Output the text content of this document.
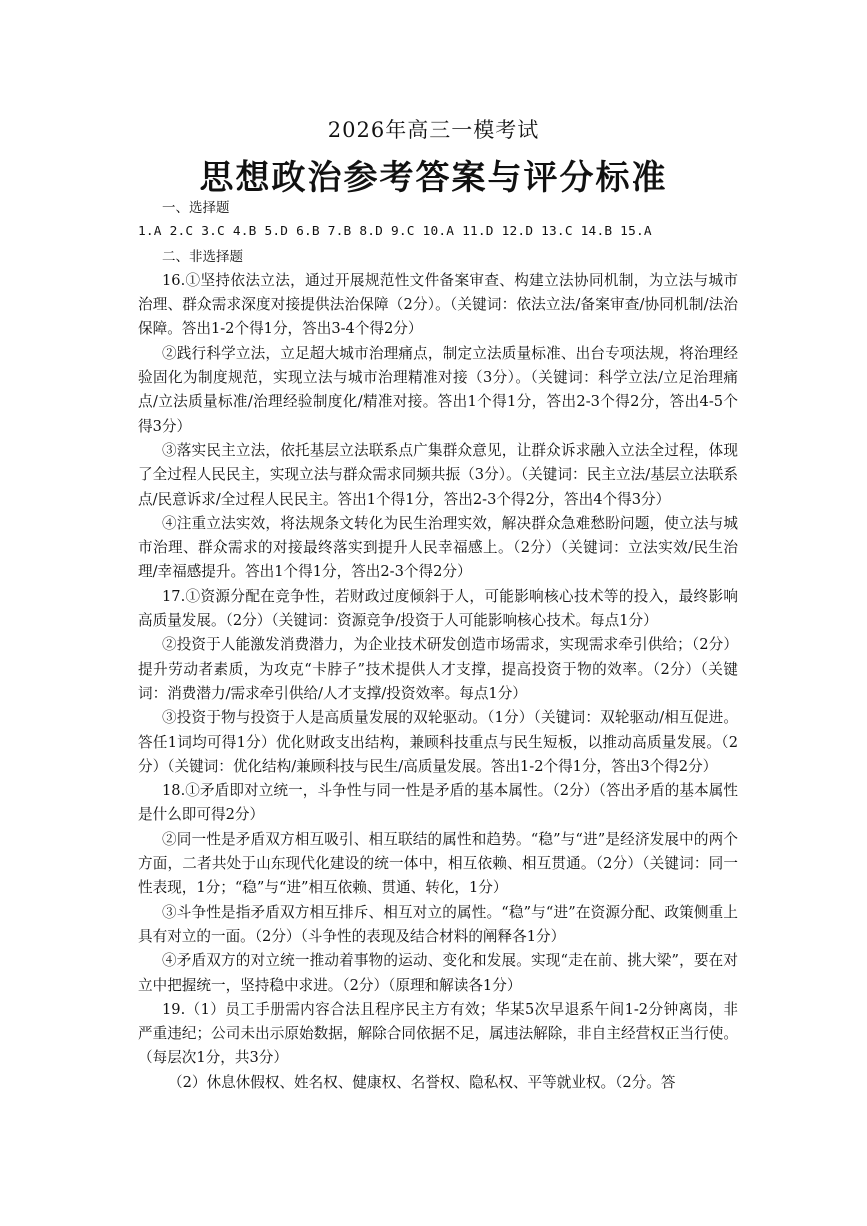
2026年高三一模考试
思想政治参考答案与评分标准

一、选择题

1.A 2.C 3.C 4.B 5.D 6.B 7.B 8.D 9.C 10.A 11.D 12.D 13.C 14.B 15.A

二、非选择题

16.①坚持依法立法，通过开展规范性文件备案审查、构建立法协同机制，为立法与城市治理、群众需求深度对接提供法治保障（2分）。（关键词：依法立法/备案审查/协同机制/法治保障。答出1-2个得1分，答出3-4个得2分）

②践行科学立法，立足超大城市治理痛点，制定立法质量标准、出台专项法规，将治理经验固化为制度规范，实现立法与城市治理精准对接（3分）。（关键词：科学立法/立足治理痛点/立法质量标准/治理经验制度化/精准对接。答出1个得1分，答出2-3个得2分，答出4-5个得3分）

③落实民主立法，依托基层立法联系点广集群众意见，让群众诉求融入立法全过程，体现了全过程人民民主，实现立法与群众需求同频共振（3分）。（关键词：民主立法/基层立法联系点/民意诉求/全过程人民民主。答出1个得1分，答出2-3个得2分，答出4个得3分）

④注重立法实效，将法规条文转化为民生治理实效，解决群众急难愁盼问题，使立法与城市治理、群众需求的对接最终落实到提升人民幸福感上。（2分）（关键词：立法实效/民生治理/幸福感提升。答出1个得1分，答出2-3个得2分）

17.①资源分配在竞争性，若财政过度倾斜于人，可能影响核心技术等的投入，最终影响高质量发展。（2分）（关键词：资源竞争/投资于人可能影响核心技术。每点1分）

②投资于人能激发消费潜力，为企业技术研发创造市场需求，实现需求牵引供给；（2分）提升劳动者素质，为攻克“卡脖子”技术提供人才支撑，提高投资于物的效率。（2分）（关键词：消费潜力/需求牵引供给/人才支撑/投资效率。每点1分）

③投资于物与投资于人是高质量发展的双轮驱动。（1分）（关键词：双轮驱动/相互促进。答任1词均可得1分）优化财政支出结构，兼顾科技重点与民生短板，以推动高质量发展。（2分）（关键词：优化结构/兼顾科技与民生/高质量发展。答出1-2个得1分，答出3个得2分）

18.①矛盾即对立统一，斗争性与同一性是矛盾的基本属性。（2分）（答出矛盾的基本属性是什么即可得2分）

②同一性是矛盾双方相互吸引、相互联结的属性和趋势。“稳”与“进”是经济发展中的两个方面，二者共处于山东现代化建设的统一体中，相互依赖、相互贯通。（2分）（关键词：同一性表现，1分；“稳”与“进”相互依赖、贯通、转化，1分）

③斗争性是指矛盾双方相互排斥、相互对立的属性。“稳”与“进”在资源分配、政策侧重上具有对立的一面。（2分）（斗争性的表现及结合材料的阐释各1分）

④矛盾双方的对立统一推动着事物的运动、变化和发展。实现“走在前、挑大梁”，要在对立中把握统一，坚持稳中求进。（2分）（原理和解读各1分）

19.（1）员工手册需内容合法且程序民主方有效；华某5次早退系午间1-2分钟离岗，非严重违纪；公司未出示原始数据，解除合同依据不足，属违法解除，非自主经营权正当行使。（每层次1分，共3分）

（2）休息休假权、姓名权、健康权、名誉权、隐私权、平等就业权。（2分。答
